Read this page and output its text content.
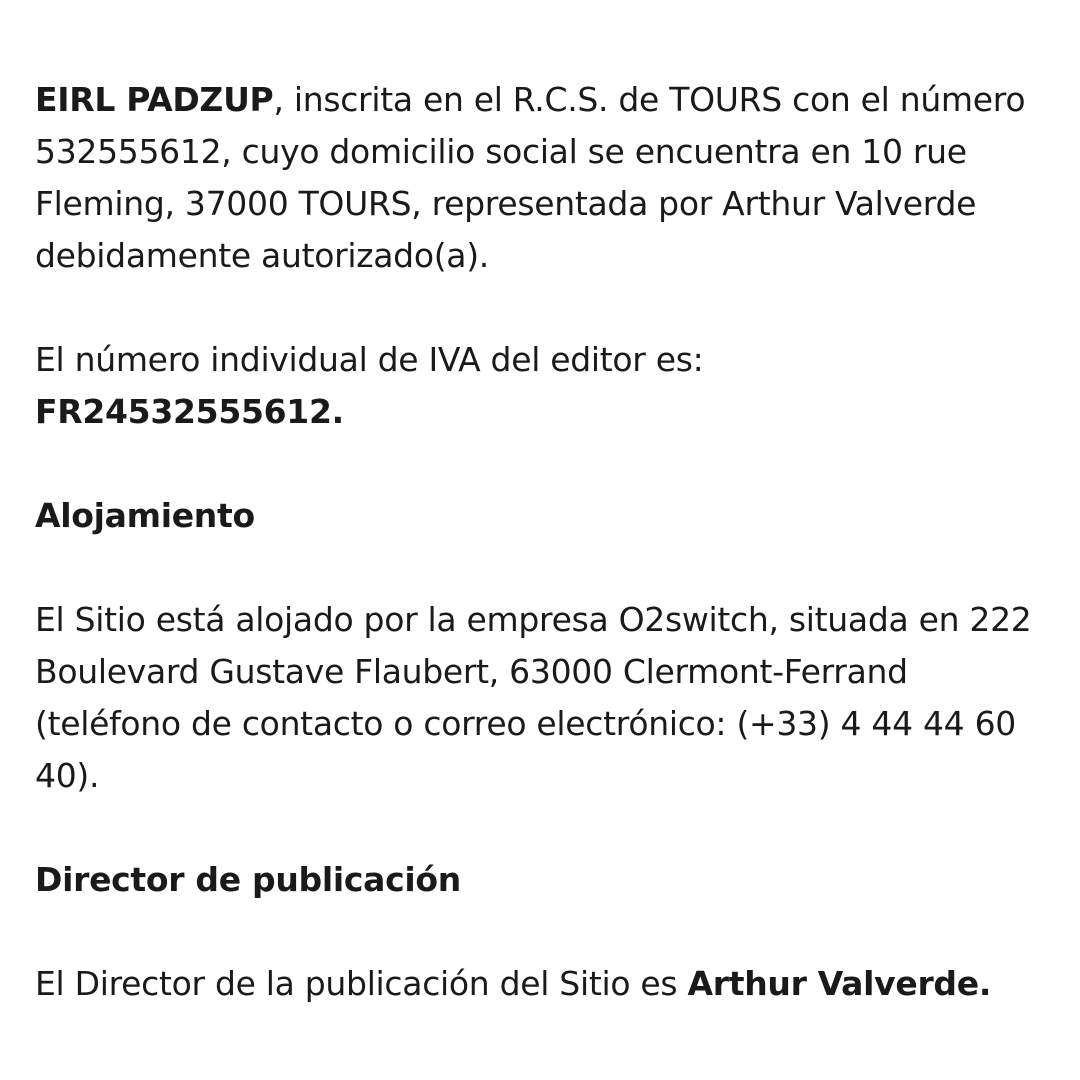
EIRL PADZUP, inscrita en el R.C.S. de TOURS con el número 532555612, cuyo domicilio social se encuentra en 10 rue Fleming, 37000 TOURS, representada por Arthur Valverde debidamente autorizado(a).

El número individual de IVA del editor es:
FR24532555612.

Alojamiento

El Sitio está alojado por la empresa O2switch, situada en 222 Boulevard Gustave Flaubert, 63000 Clermont-Ferrand (teléfono de contacto o correo electrónico: (+33) 4 44 44 60 40).

Director de publicación

El Director de la publicación del Sitio es Arthur Valverde.
